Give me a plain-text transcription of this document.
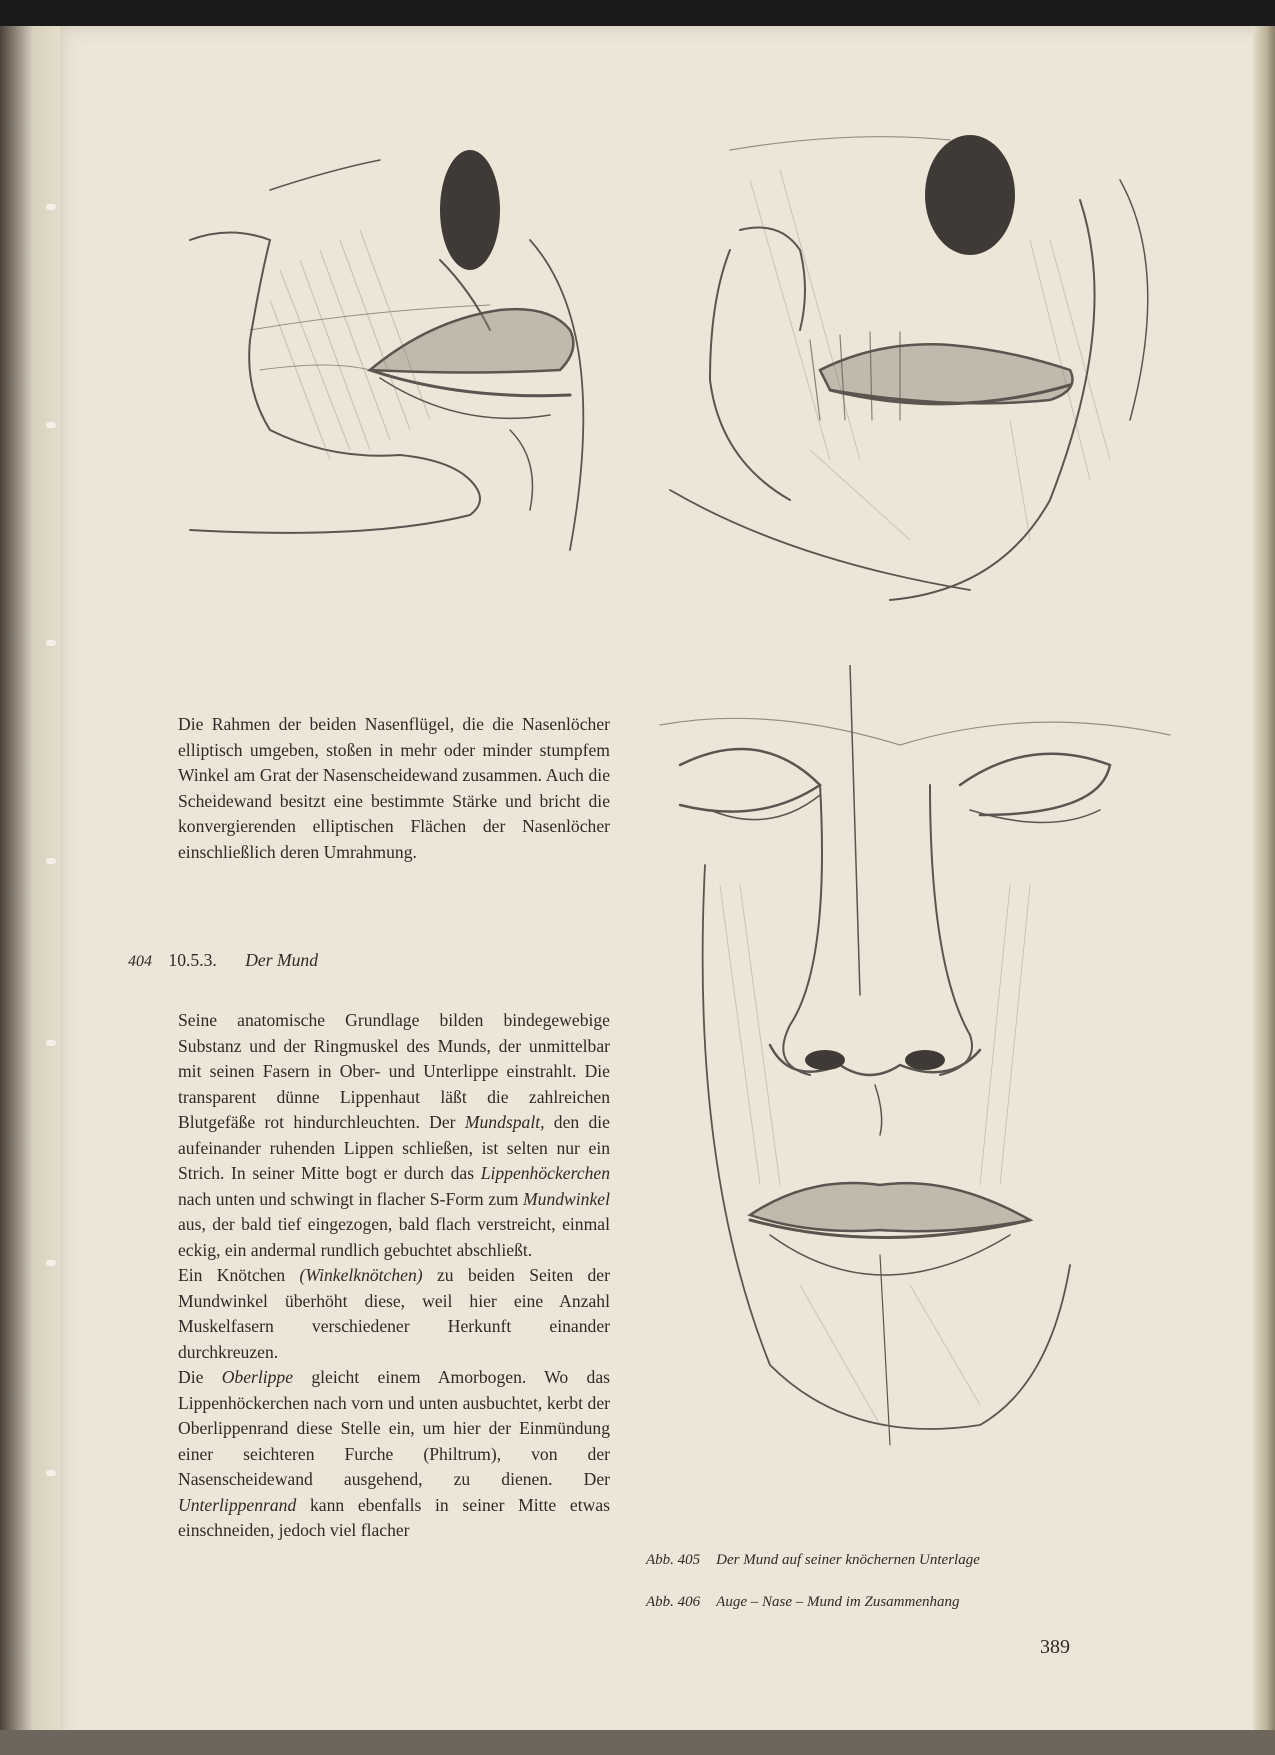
Die Rahmen der beiden Nasenflügel, die die Nasenlöcher elliptisch umgeben, stoßen in mehr oder minder stumpfem Winkel am Grat der Nasenscheidewand zusammen. Auch die Scheidewand besitzt eine bestimmte Stärke und bricht die konvergierenden elliptischen Flächen der Nasenlöcher einschließlich deren Umrahmung.

404 10.5.3. Der Mund

Seine anatomische Grundlage bilden bindegewebige Substanz und der Ringmuskel des Munds, der unmittelbar mit seinen Fasern in Ober- und Unterlippe einstrahlt. Die transparent dünne Lippenhaut läßt die zahlreichen Blutgefäße rot hindurchleuchten. Der Mundspalt, den die aufeinander ruhenden Lippen schließen, ist selten nur ein Strich. In seiner Mitte bogt er durch das Lippenhöckerchen nach unten und schwingt in flacher S-Form zum Mundwinkel aus, der bald tief eingezogen, bald flach verstreicht, einmal eckig, ein andermal rundlich gebuchtet abschließt.

Ein Knötchen (Winkelknötchen) zu beiden Seiten der Mundwinkel überhöht diese, weil hier eine Anzahl Muskelfasern verschiedener Herkunft einander durchkreuzen.

Die Oberlippe gleicht einem Amorbogen. Wo das Lippenhöckerchen nach vorn und unten ausbuchtet, kerbt der Oberlippenrand diese Stelle ein, um hier der Einmündung einer seichteren Furche (Philtrum), von der Nasenscheidewand ausgehend, zu dienen. Der Unterlippenrand kann ebenfalls in seiner Mitte etwas einschneiden, jedoch viel flacher

Abb. 405 Der Mund auf seiner knöchernen Unterlage
Abb. 406 Auge – Nase – Mund im Zusammenhang
389
